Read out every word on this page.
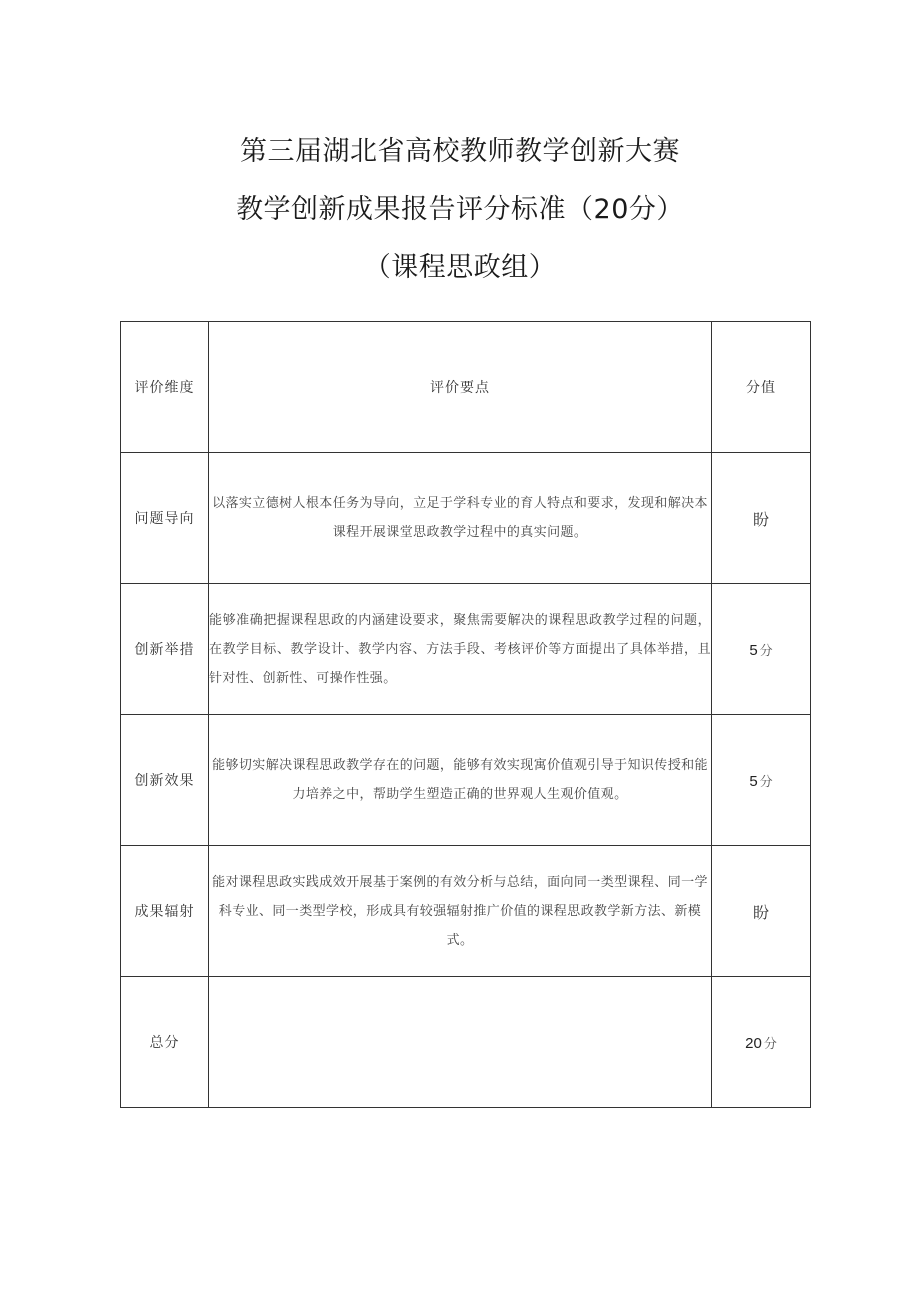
第三届湖北省高校教师教学创新大赛
教学创新成果报告评分标准（20分）
（课程思政组）
评价维度	评价要点	分值
问题导向	以落实立德树人根本任务为导向，立足于学科专业的育人特点和要求，发现和解决本课程开展课堂思政教学过程中的真实问题。	盼
创新举措	能够准确把握课程思政的内涵建设要求，聚焦需要解决的课程思政教学过程的问题，在教学目标、教学设计、教学内容、方法手段、考核评价等方面提出了具体举措，且针对性、创新性、可操作性强。	5 分
创新效果	能够切实解决课程思政教学存在的问题，能够有效实现寓价值观引导于知识传授和能力培养之中，帮助学生塑造正确的世界观人生观价值观。	5 分
成果辐射	能对课程思政实践成效开展基于案例的有效分析与总结，面向同一类型课程、同一学科专业、同一类型学校，形成具有较强辐射推广价值的课程思政教学新方法、新模式。	盼
总分		20 分
